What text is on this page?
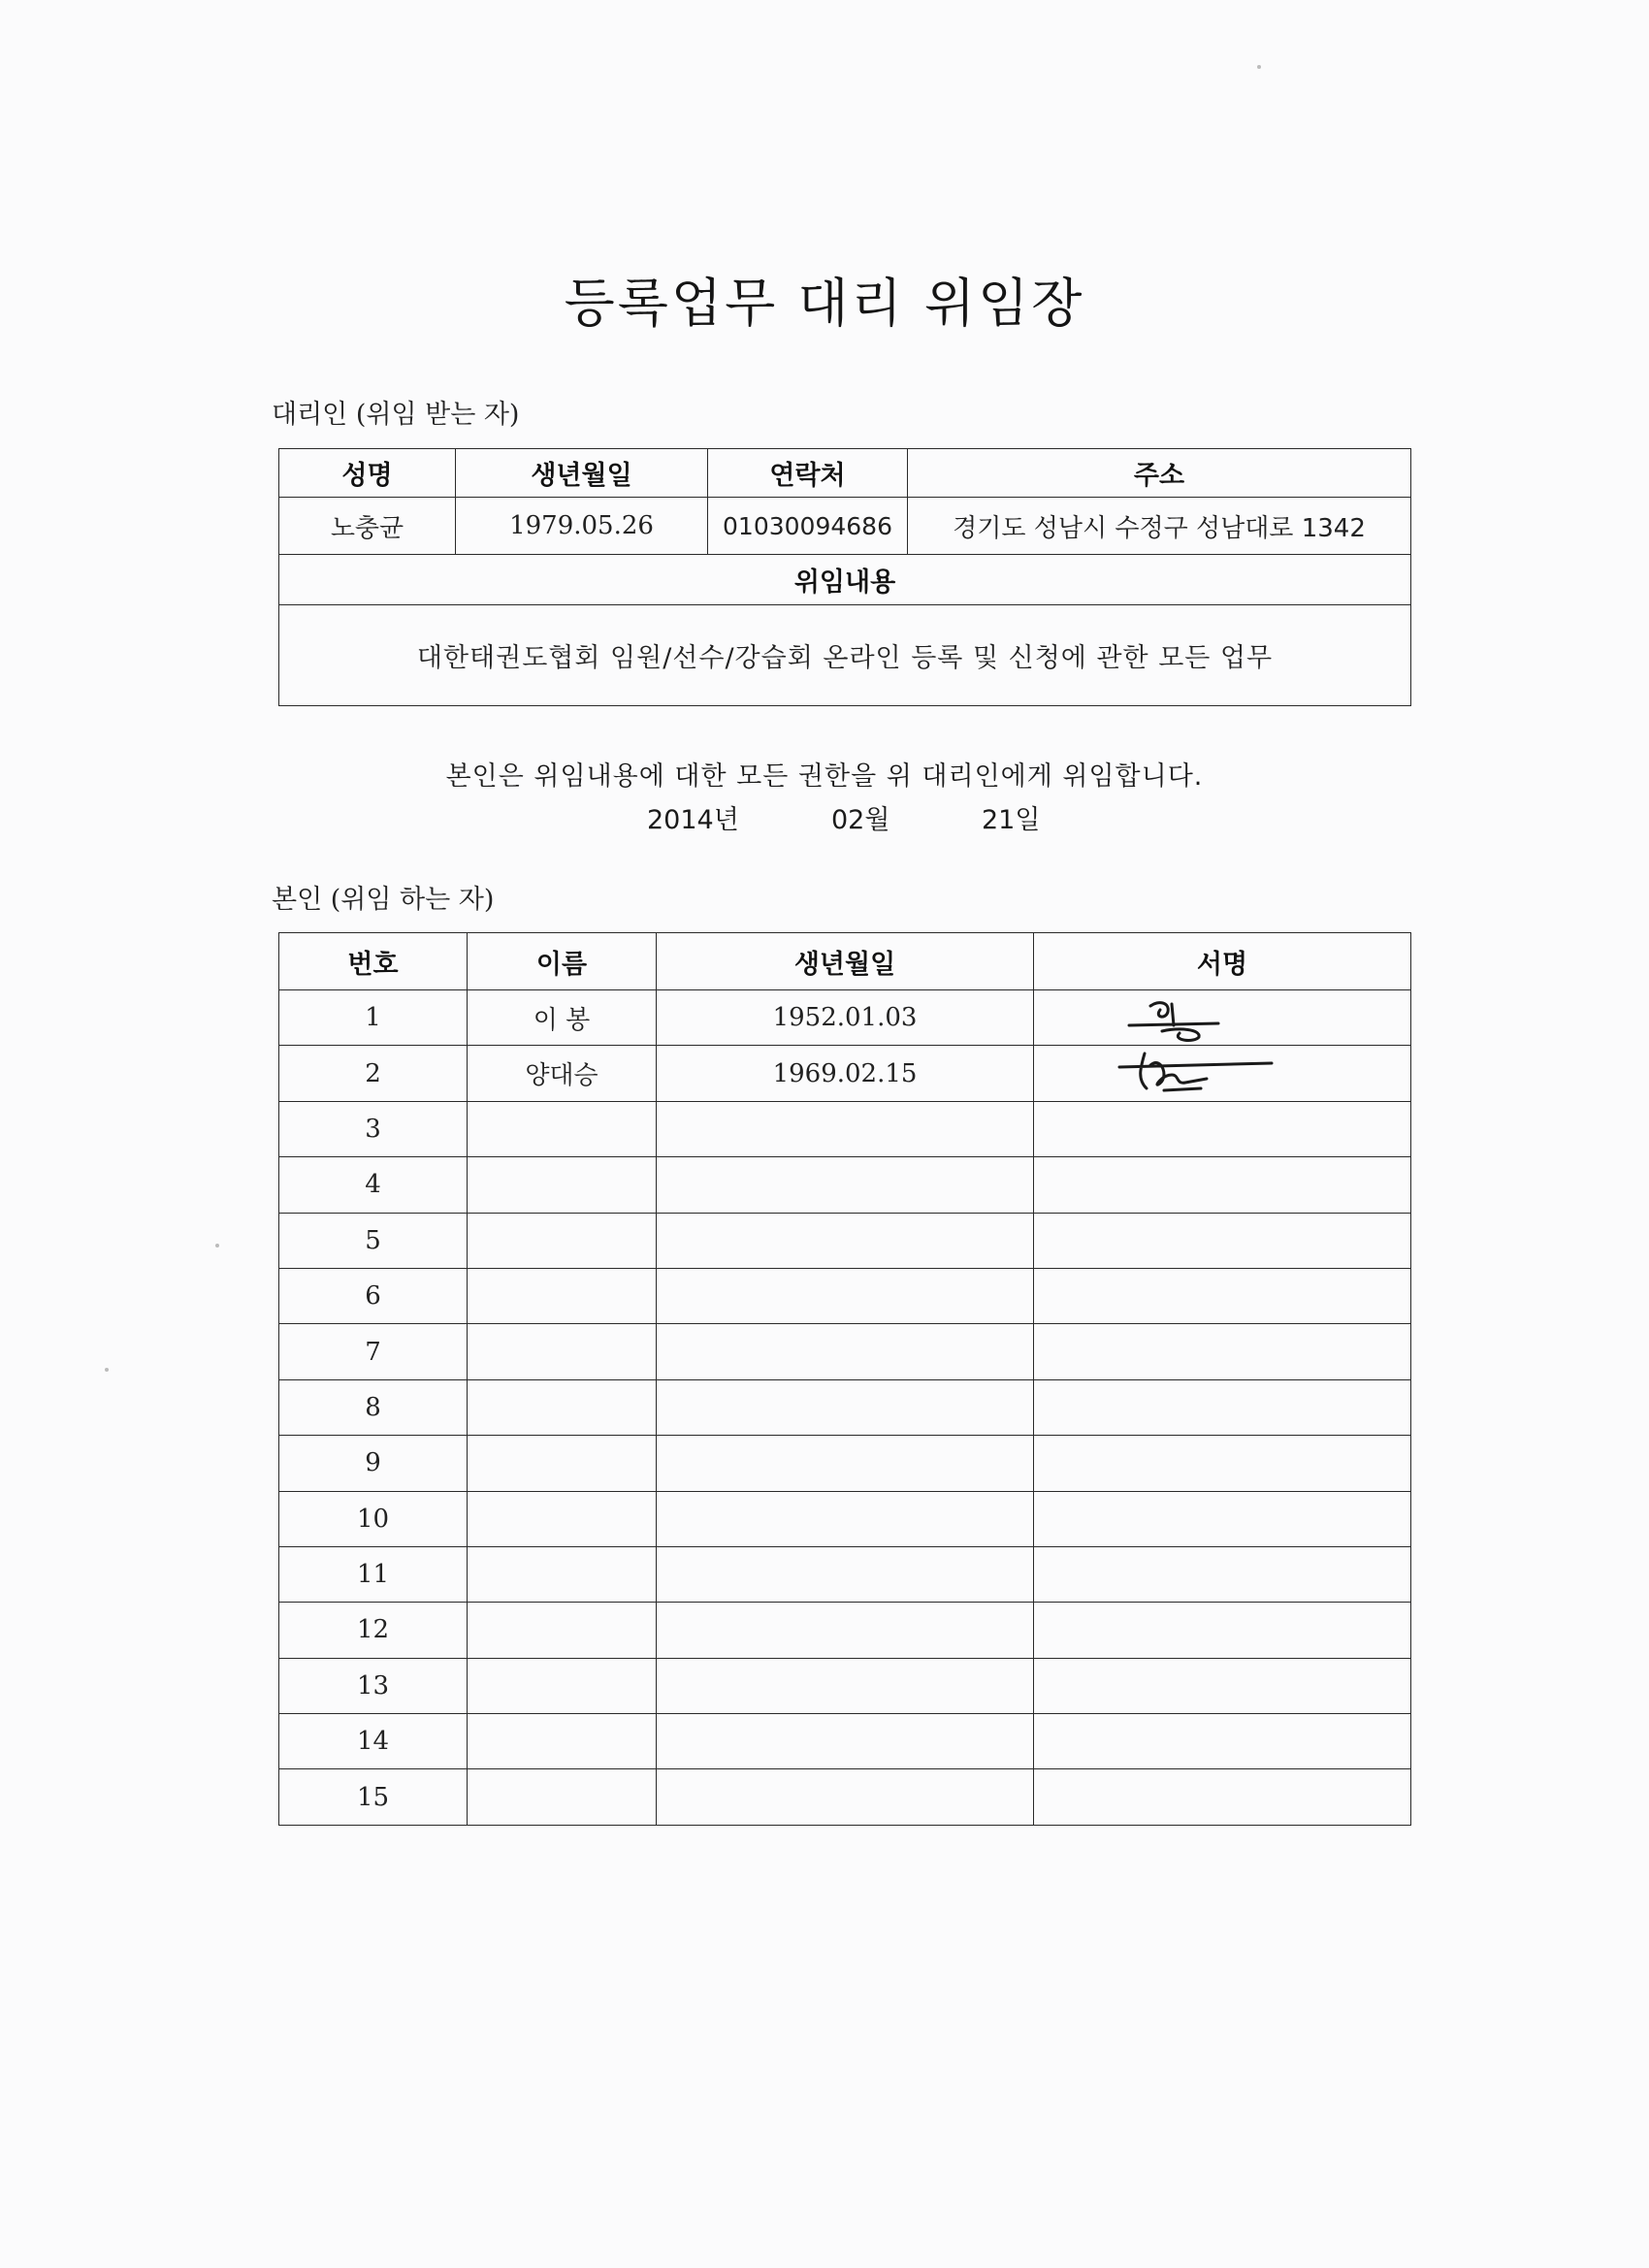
등록업무 대리 위임장
대리인 (위임 받는 자)
성명	생년월일	연락처	주소
노충균	1979.05.26	01030094686	경기도 성남시 수정구 성남대로 1342
위임내용			
대한태권도협회 임원/선수/강습회 온라인 등록 및 신청에 관한 모든 업무			
본인은 위임내용에 대한 모든 권한을 위 대리인에게 위임합니다.
2014년	02월	21일
본인 (위임 하는 자)
번호	이름	생년월일	서명
1	이 봉	1952.01.03	

2	양대승	1969.02.15	

3			
4			
5			
6			
7			
8			
9			
10			
11			
12			
13			
14			
15			
